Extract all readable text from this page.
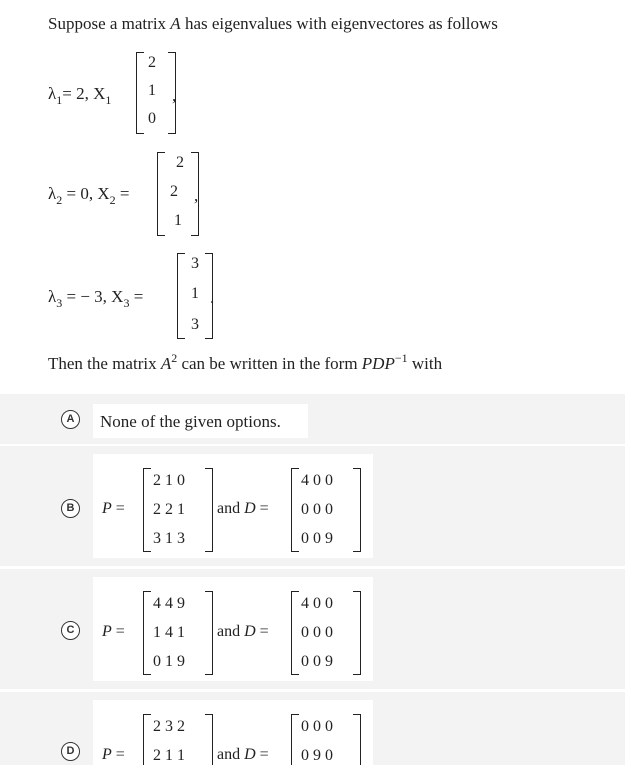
Suppose a matrix A has eigenvalues with eigenvectores as follows
$\lambda_1= 2$, $X_1$
2
1
0
,
$\lambda_2 = 0$, $X_2$ =
2
2
1
,
$\lambda_3$ = − 3, $X_3$ =
3
1
3
.
Then the matrix $A^2$ can be written in the form $PDP^{-1}$ with
A	None of the given options.
B	P =
2 1 0
2 2 1
3 1 3
and D =
4 0 0
0 0 0
0 0 9
C	P =
4 4 9
1 4 1
0 1 9
and D =
4 0 0
0 0 0
0 0 9
D	P =
2 3 2
2 1 1 and D =
0 0 0
0 9 0
